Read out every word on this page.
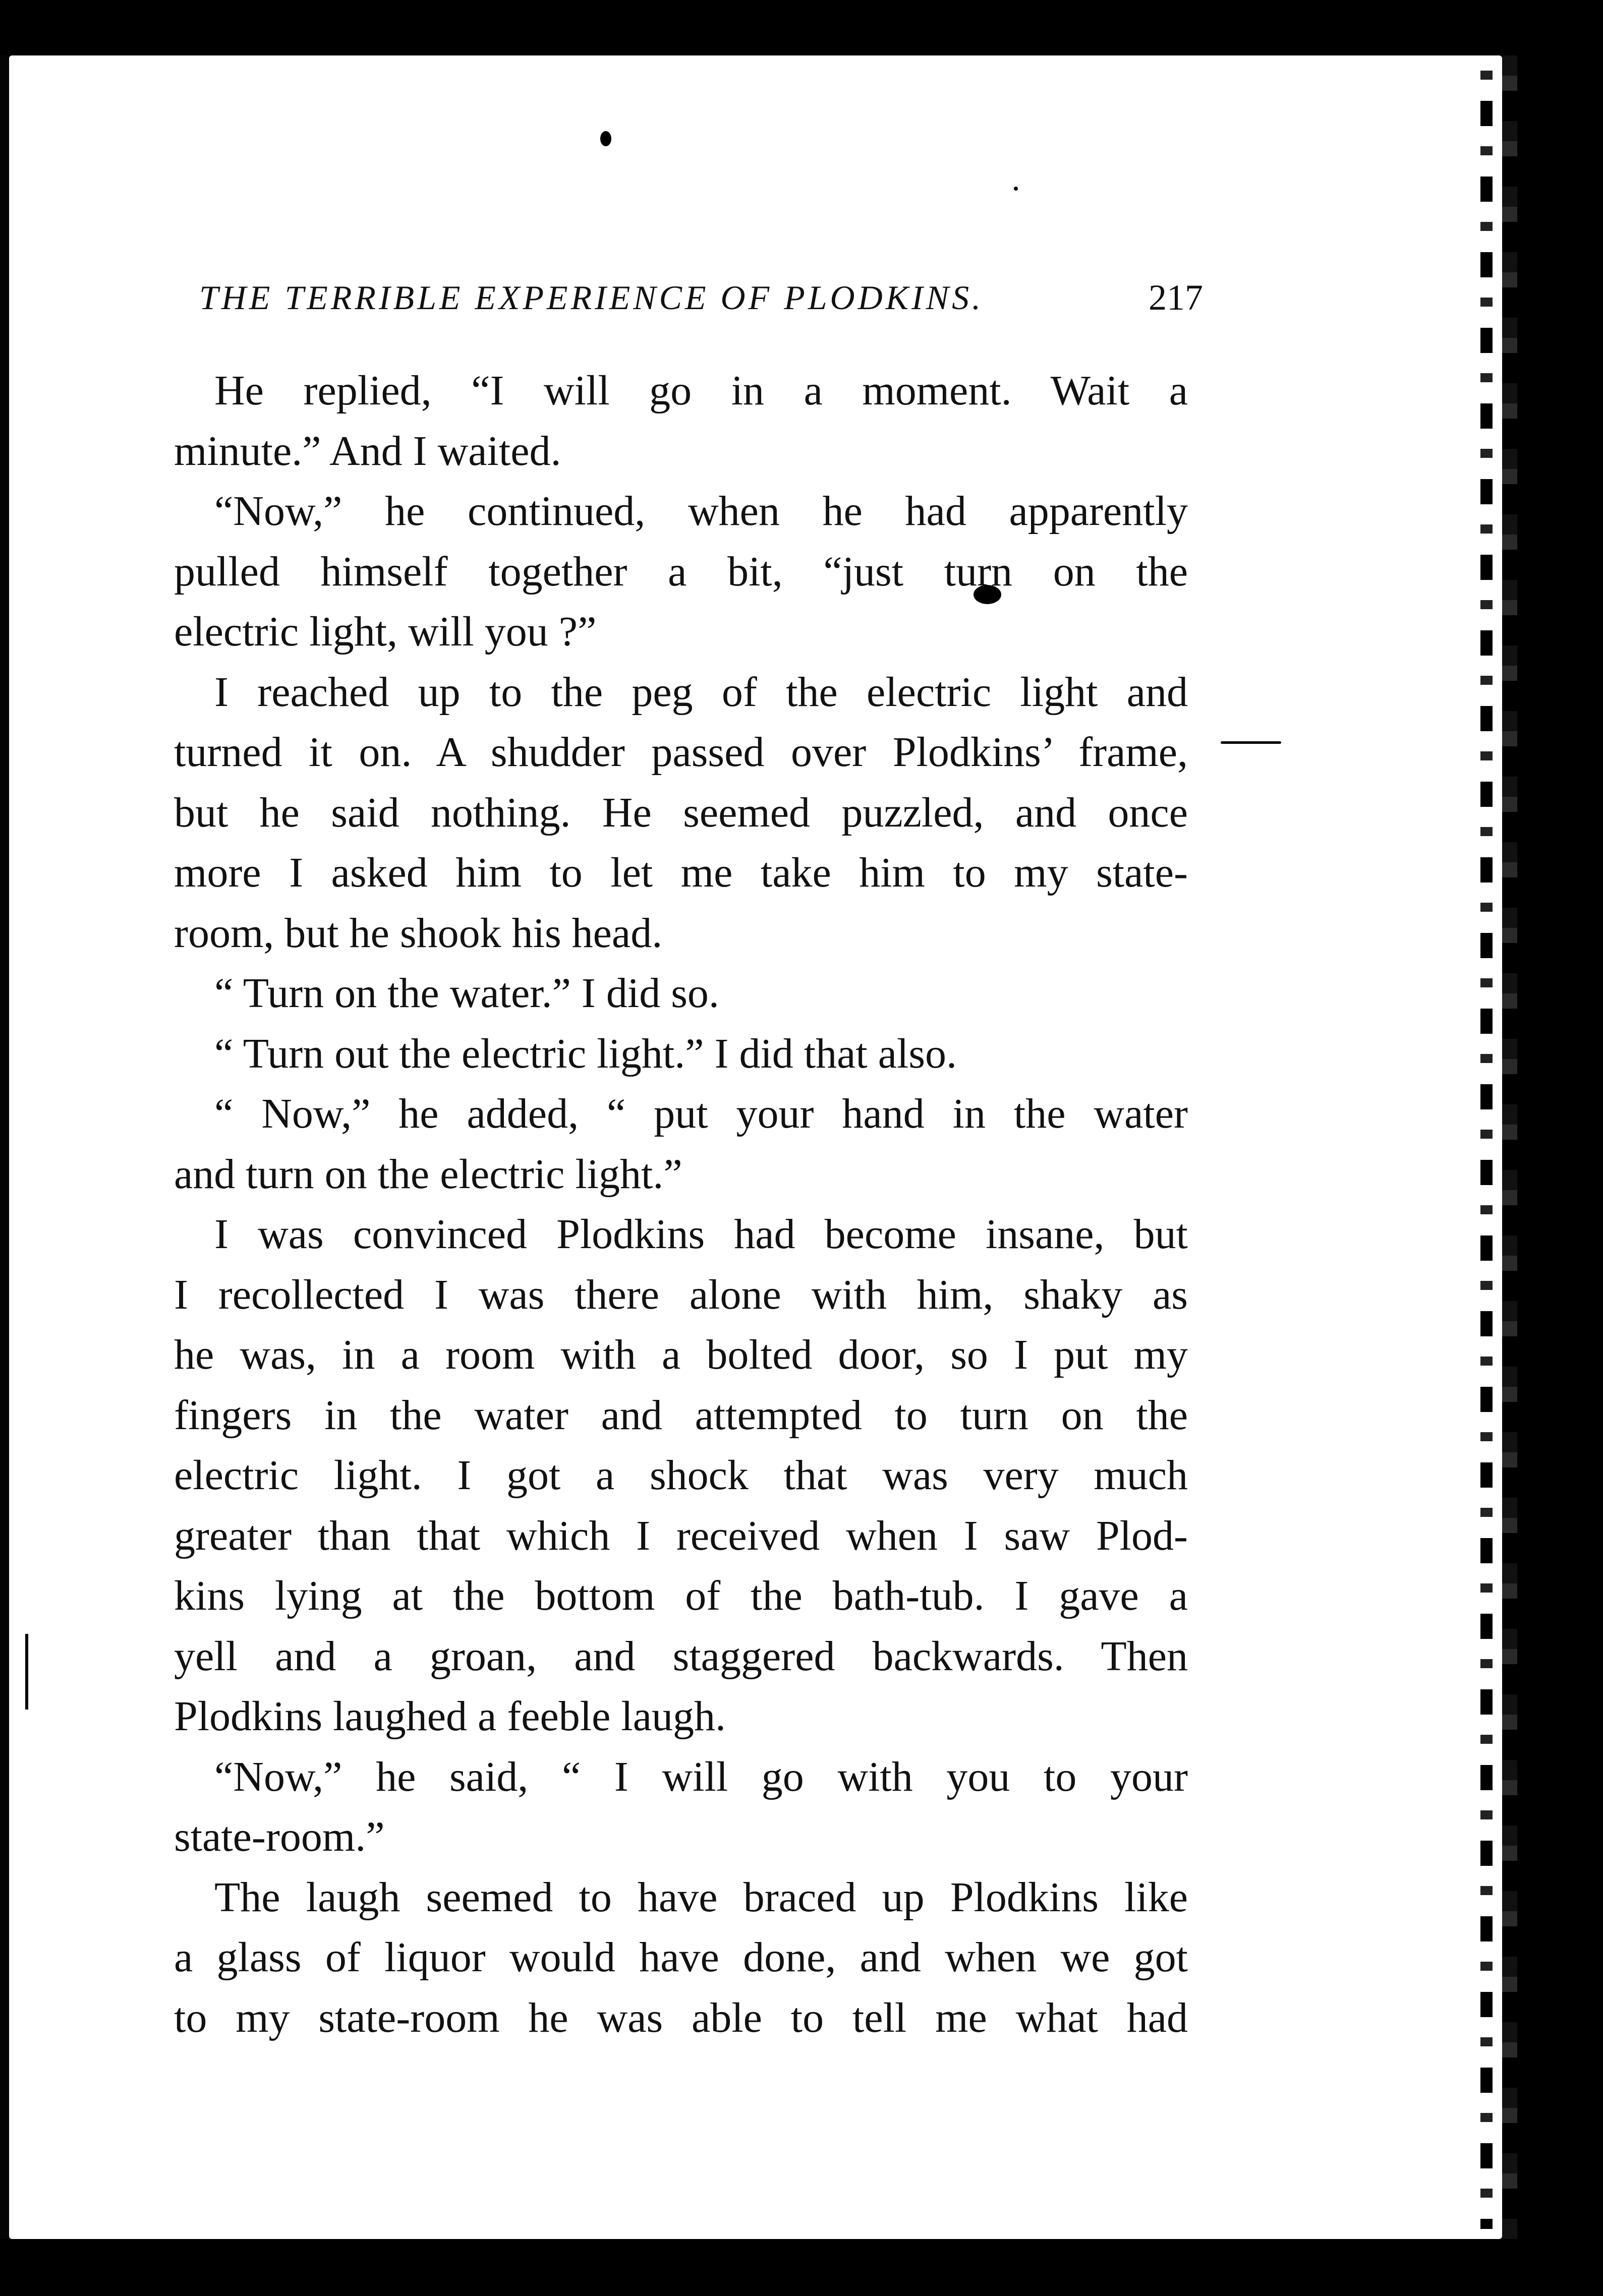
THE TERRIBLE EXPERIENCE OF PLODKINS.	217
He replied, “I will go in a moment. Wait a
minute.” And I waited.
“Now,” he continued, when he had apparently
pulled himself together a bit, “just turn on the
electric light, will you ?”
I reached up to the peg of the electric light and
turned it on. A shudder passed over Plodkins’ frame,
but he said nothing. He seemed puzzled, and once
more I asked him to let me take him to my state-
room, but he shook his head.
“ Turn on the water.” I did so.
“ Turn out the electric light.” I did that also.
“ Now,” he added, “ put your hand in the water
and turn on the electric light.”
I was convinced Plodkins had become insane, but
I recollected I was there alone with him, shaky as
he was, in a room with a bolted door, so I put my
fingers in the water and attempted to turn on the
electric light. I got a shock that was very much
greater than that which I received when I saw Plod-
kins lying at the bottom of the bath-tub. I gave a
yell and a groan, and staggered backwards. Then
Plodkins laughed a feeble laugh.
“Now,” he said, “ I will go with you to your
state-room.”
The laugh seemed to have braced up Plodkins like
a glass of liquor would have done, and when we got
to my state-room he was able to tell me what had
